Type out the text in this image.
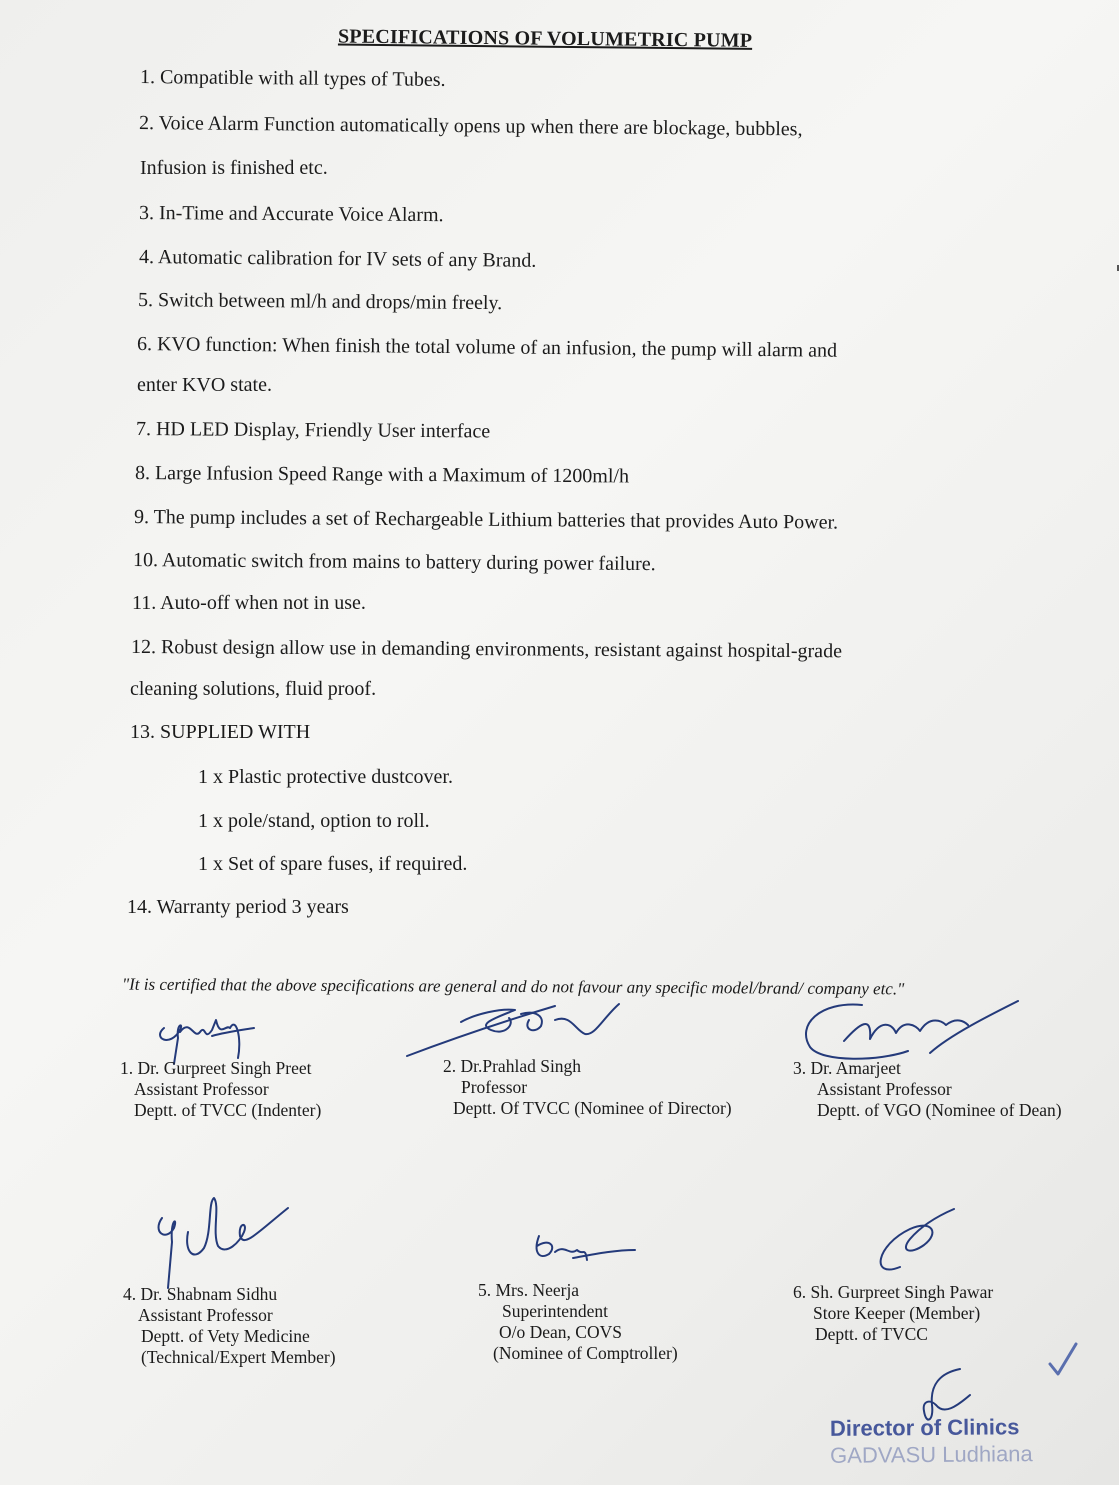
SPECIFICATIONS OF VOLUMETRIC PUMP
1. Compatible with all types of Tubes.
2. Voice Alarm Function automatically opens up when there are blockage, bubbles,
Infusion is finished etc.
3. In-Time and Accurate Voice Alarm.
4. Automatic calibration for IV sets of any Brand.
5. Switch between ml/h and drops/min freely.
6. KVO function: When finish the total volume of an infusion, the pump will alarm and
enter KVO state.
7. HD LED Display, Friendly User interface
8. Large Infusion Speed Range with a Maximum of 1200ml/h
9. The pump includes a set of Rechargeable Lithium batteries that provides Auto Power.
10. Automatic switch from mains to battery during power failure.
11. Auto-off when not in use.
12. Robust design allow use in demanding environments, resistant against hospital-grade
cleaning solutions, fluid proof.
13. SUPPLIED WITH
1 x Plastic protective dustcover.
1 x pole/stand, option to roll.
1 x Set of spare fuses, if required.
14. Warranty period 3 years
"It is certified that the above specifications are general and do not favour any specific model/brand/ company etc."
1. Dr. Gurpreet Singh Preet
Assistant Professor
Deptt. of TVCC (Indenter)
2. Dr.Prahlad Singh
Professor
Deptt. Of TVCC (Nominee of Director)
3. Dr. Amarjeet
Assistant Professor
Deptt. of VGO (Nominee of Dean)
4. Dr. Shabnam Sidhu
Assistant Professor
Deptt. of Vety Medicine
(Technical/Expert Member)
5. Mrs. Neerja
Superintendent
O/o Dean, COVS
(Nominee of Comptroller)
6. Sh. Gurpreet Singh Pawar
Store Keeper (Member)
Deptt. of TVCC
Director of Clinics
GADVASU Ludhiana
